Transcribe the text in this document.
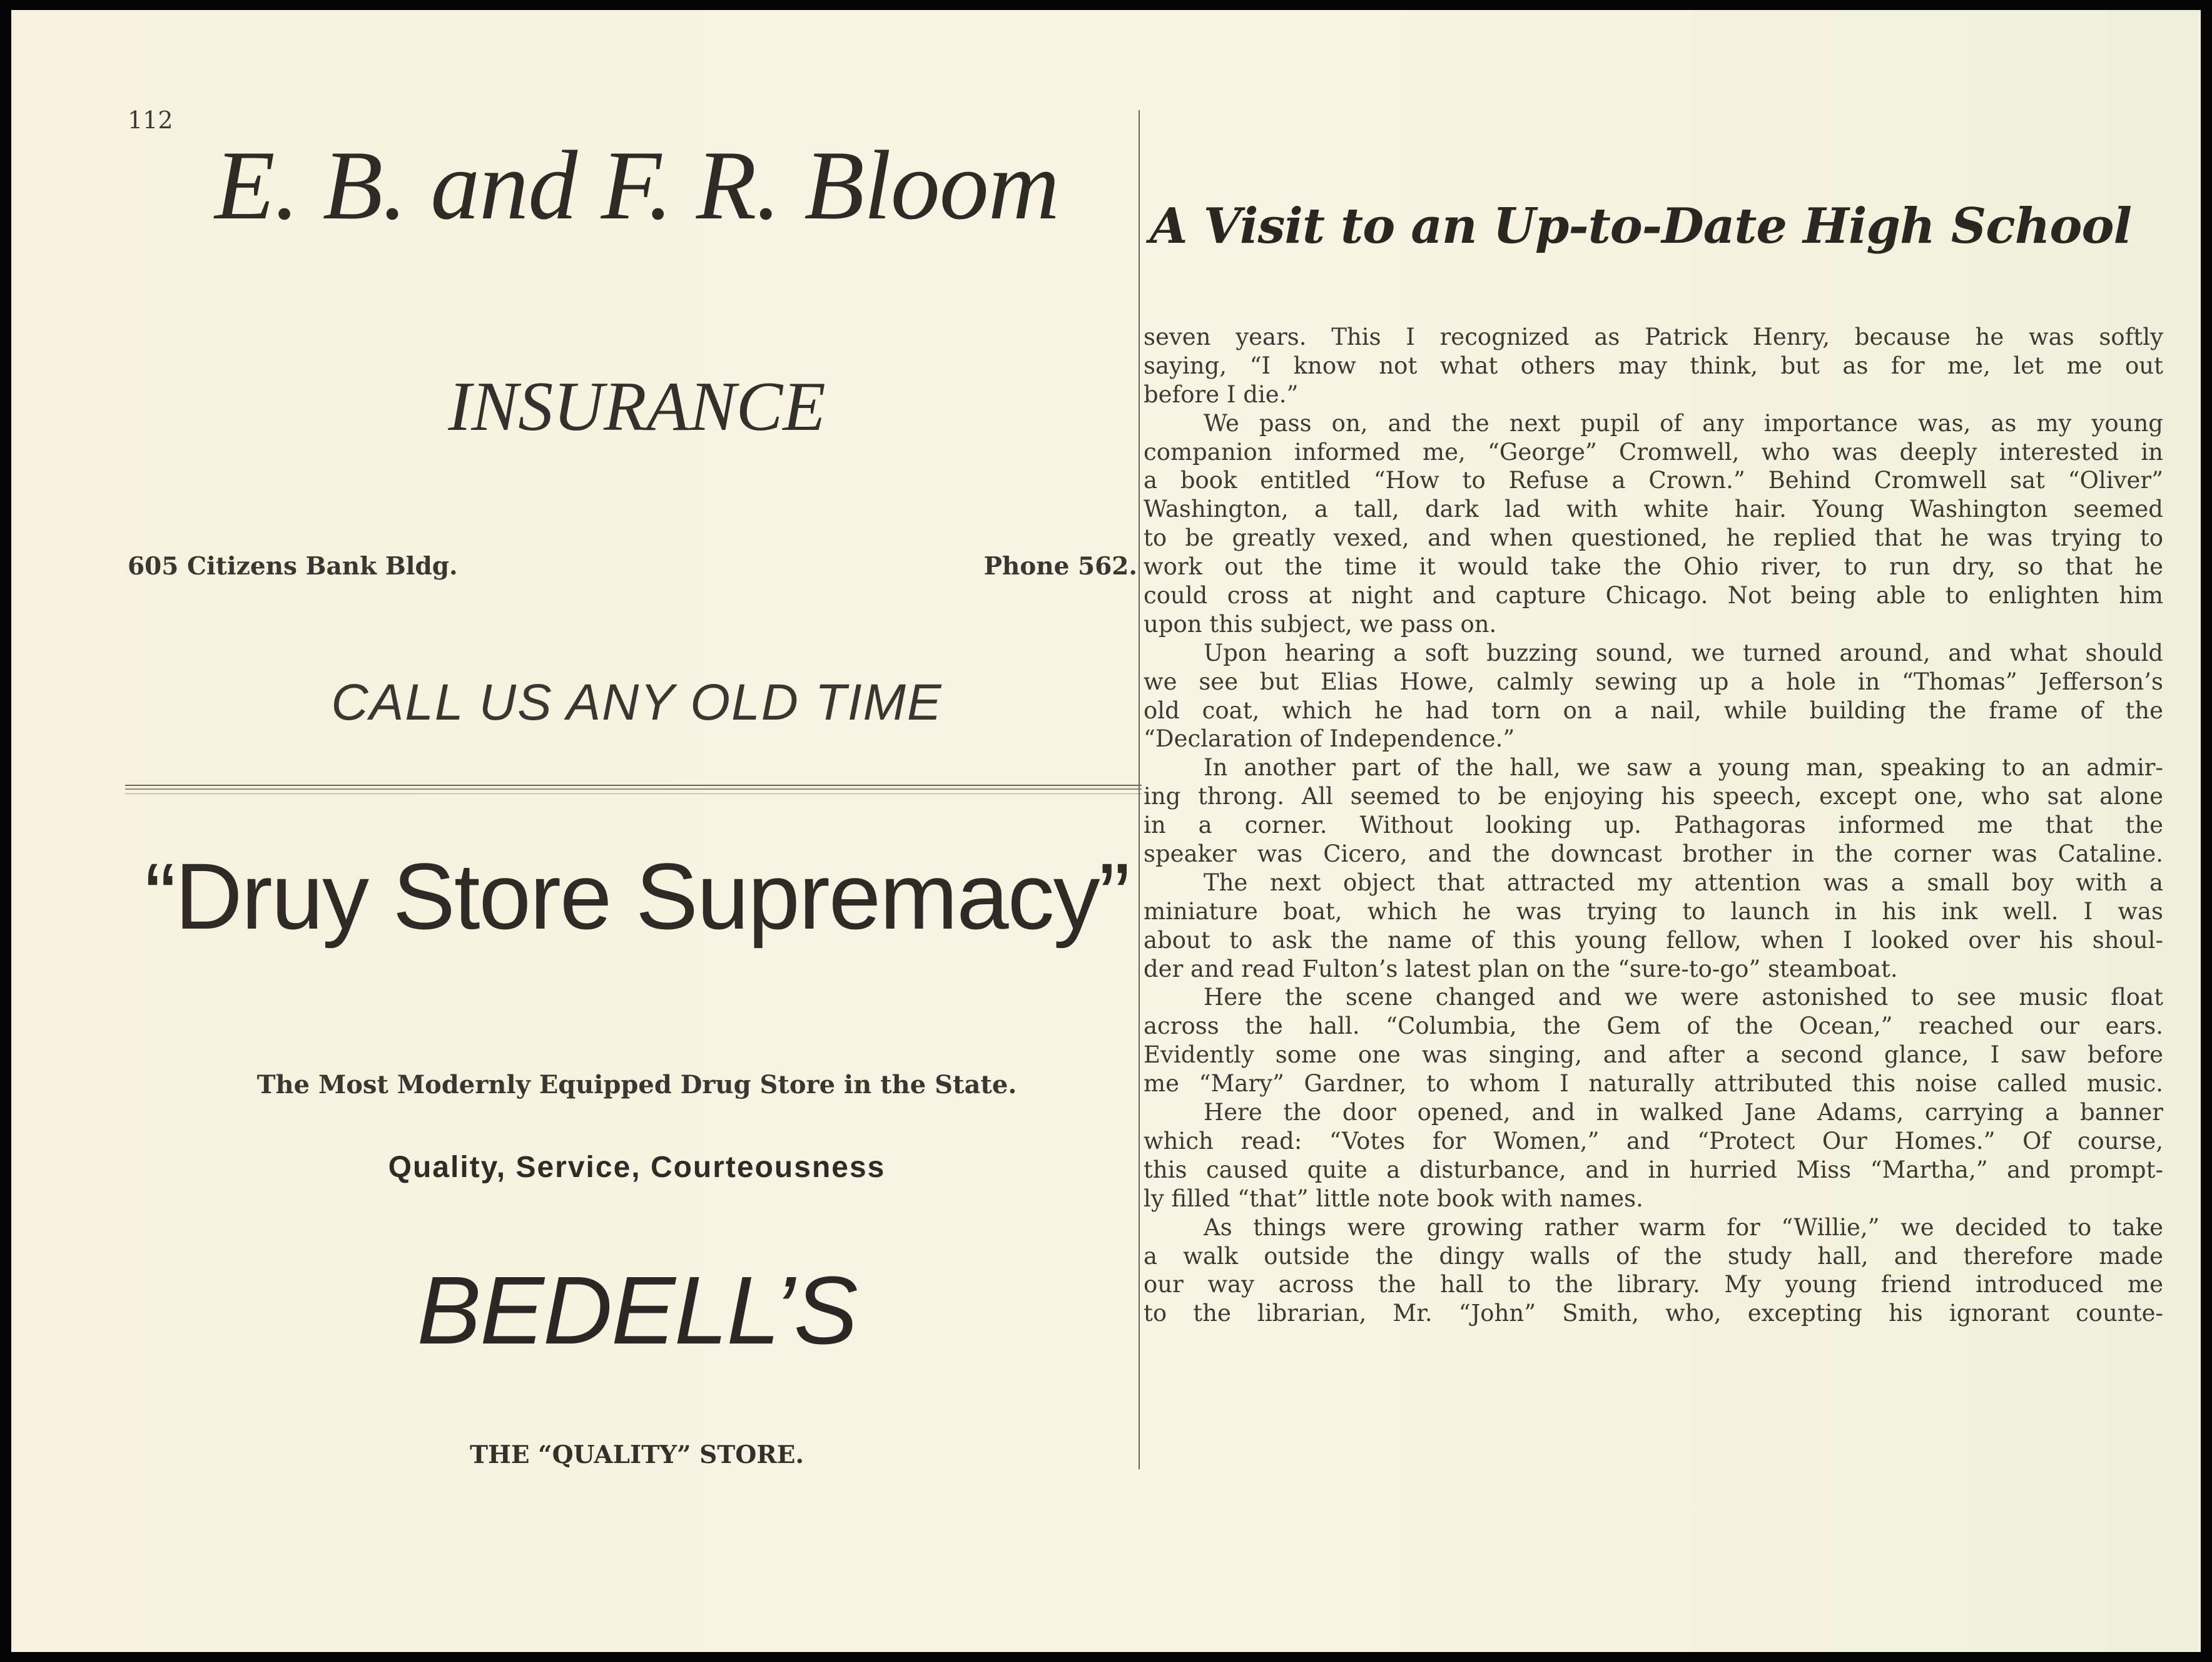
112
E. B. and F. R. Bloom
INSURANCE
605 Citizens Bank Bldg.	Phone 562.
CALL US ANY OLD TIME
“Druy Store Supremacy”
The Most Modernly Equipped Drug Store in the State.
Quality, Service, Courteousness
BEDELL’S
THE “QUALITY” STORE.
A Visit to an Up-to-Date High School
seven years. This I recognized as Patrick Henry, because he was softly
saying, “I know not what others may think, but as for me, let me out
before I die.”
We pass on, and the next pupil of any importance was, as my young
companion informed me, “George” Cromwell, who was deeply interested in
a book entitled “How to Refuse a Crown.” Behind Cromwell sat “Oliver”
Washington, a tall, dark lad with white hair. Young Washington seemed
to be greatly vexed, and when questioned, he replied that he was trying to
work out the time it would take the Ohio river, to run dry, so that he
could cross at night and capture Chicago. Not being able to enlighten him
upon this subject, we pass on.
Upon hearing a soft buzzing sound, we turned around, and what should
we see but Elias Howe, calmly sewing up a hole in “Thomas” Jefferson’s
old coat, which he had torn on a nail, while building the frame of the
“Declaration of Independence.”
In another part of the hall, we saw a young man, speaking to an admir-
ing throng. All seemed to be enjoying his speech, except one, who sat alone
in a corner. Without looking up. Pathagoras informed me that the
speaker was Cicero, and the downcast brother in the corner was Cataline.
The next object that attracted my attention was a small boy with a
miniature boat, which he was trying to launch in his ink well. I was
about to ask the name of this young fellow, when I looked over his shoul-
der and read Fulton’s latest plan on the “sure-to-go” steamboat.
Here the scene changed and we were astonished to see music float
across the hall. “Columbia, the Gem of the Ocean,” reached our ears.
Evidently some one was singing, and after a second glance, I saw before
me “Mary” Gardner, to whom I naturally attributed this noise called music.
Here the door opened, and in walked Jane Adams, carrying a banner
which read: “Votes for Women,” and “Protect Our Homes.” Of course,
this caused quite a disturbance, and in hurried Miss “Martha,” and prompt-
ly filled “that” little note book with names.
As things were growing rather warm for “Willie,” we decided to take
a walk outside the dingy walls of the study hall, and therefore made
our way across the hall to the library. My young friend introduced me
to the librarian, Mr. “John” Smith, who, excepting his ignorant counte-
